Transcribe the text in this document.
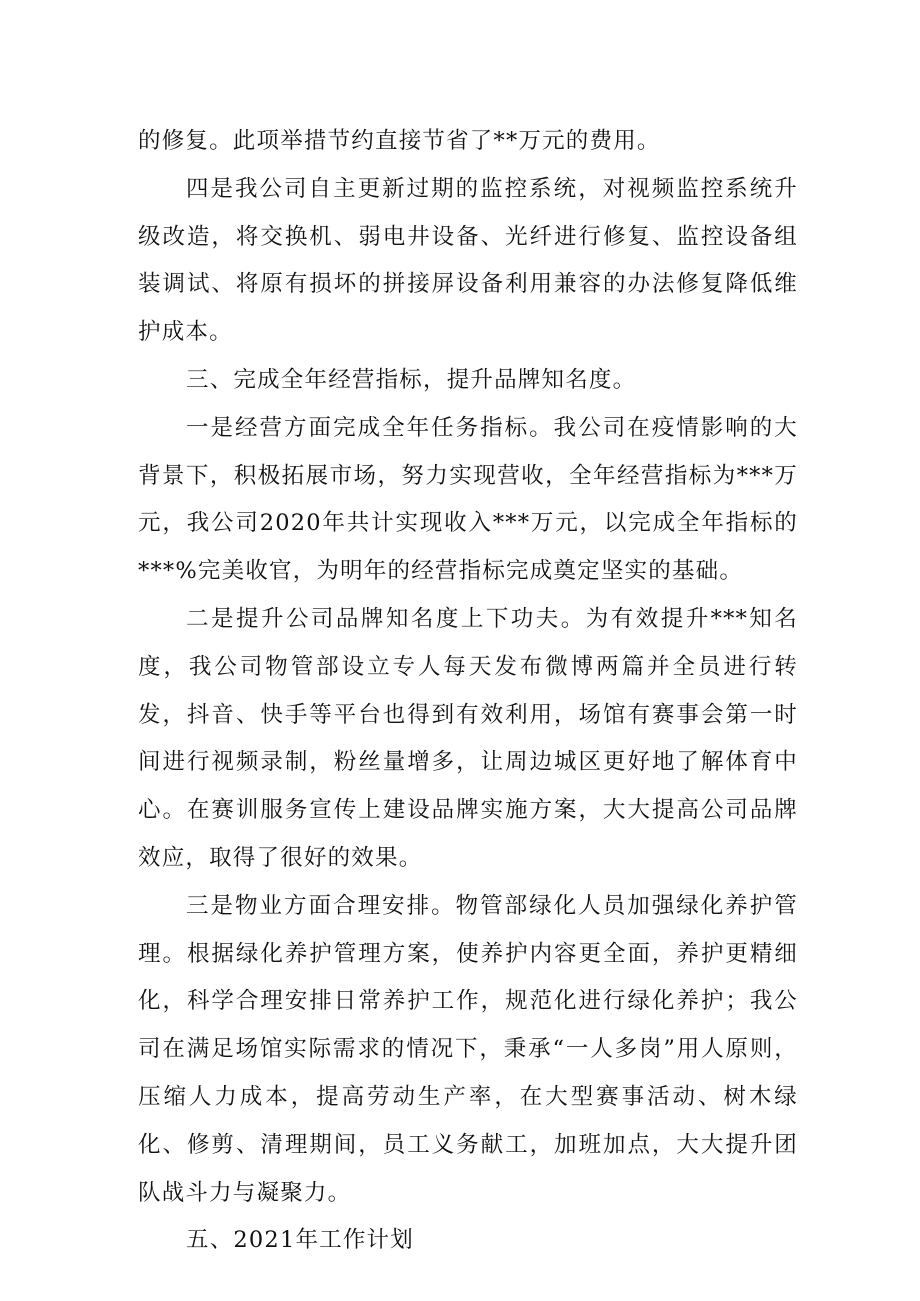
的修复。此项举措节约直接节省了**万元的费用。

四是我公司自主更新过期的监控系统，对视频监控系统升级改造，将交换机、弱电井设备、光纤进行修复、监控设备组装调试、将原有损坏的拼接屏设备利用兼容的办法修复降低维护成本。

三、完成全年经营指标，提升品牌知名度。

一是经营方面完成全年任务指标。我公司在疫情影响的大背景下，积极拓展市场，努力实现营收，全年经营指标为***万元，我公司2020年共计实现收入***万元，以完成全年指标的***%完美收官，为明年的经营指标完成奠定坚实的基础。

二是提升公司品牌知名度上下功夫。为有效提升***知名度，我公司物管部设立专人每天发布微博两篇并全员进行转发，抖音、快手等平台也得到有效利用，场馆有赛事会第一时间进行视频录制，粉丝量增多，让周边城区更好地了解体育中心。在赛训服务宣传上建设品牌实施方案，大大提高公司品牌效应，取得了很好的效果。

三是物业方面合理安排。物管部绿化人员加强绿化养护管理。根据绿化养护管理方案，使养护内容更全面，养护更精细化，科学合理安排日常养护工作，规范化进行绿化养护；我公司在满足场馆实际需求的情况下，秉承“一人多岗”用人原则，压缩人力成本，提高劳动生产率，在大型赛事活动、树木绿化、修剪、清理期间，员工义务献工，加班加点，大大提升团队战斗力与凝聚力。

五、2021年工作计划
